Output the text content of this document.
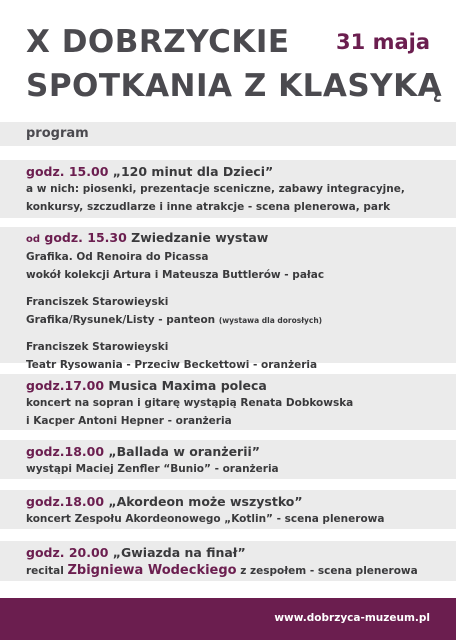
X DOBRZYCKIE
SPOTKANIA Z KLASYKĄ
31 maja
program
godz. 15.00 „120 minut dla Dzieci”
a w nich: piosenki, prezentacje sceniczne, zabawy integracyjne,
konkursy, szczudlarze i inne atrakcje - scena plenerowa, park
od godz. 15.30 Zwiedzanie wystaw
Grafika. Od Renoira do Picassa
wokół kolekcji Artura i Mateusza Buttlerów - pałac
Franciszek Starowieyski
Grafika/Rysunek/Listy - panteon (wystawa dla dorosłych)
Franciszek Starowieyski
Teatr Rysowania - Przeciw Beckettowi - oranżeria
godz.17.00 Musica Maxima poleca
koncert na sopran i gitarę wystąpią Renata Dobkowska
i Kacper Antoni Hepner - oranżeria
godz.18.00 „Ballada w oranżerii”
wystąpi Maciej Zenfler “Bunio” - oranżeria
godz.18.00 „Akordeon może wszystko”
koncert Zespołu Akordeonowego „Kotlin” - scena plenerowa
godz. 20.00 „Gwiazda na finał”
recital Zbigniewa Wodeckiego z zespołem - scena plenerowa
www.dobrzyca-muzeum.pl
